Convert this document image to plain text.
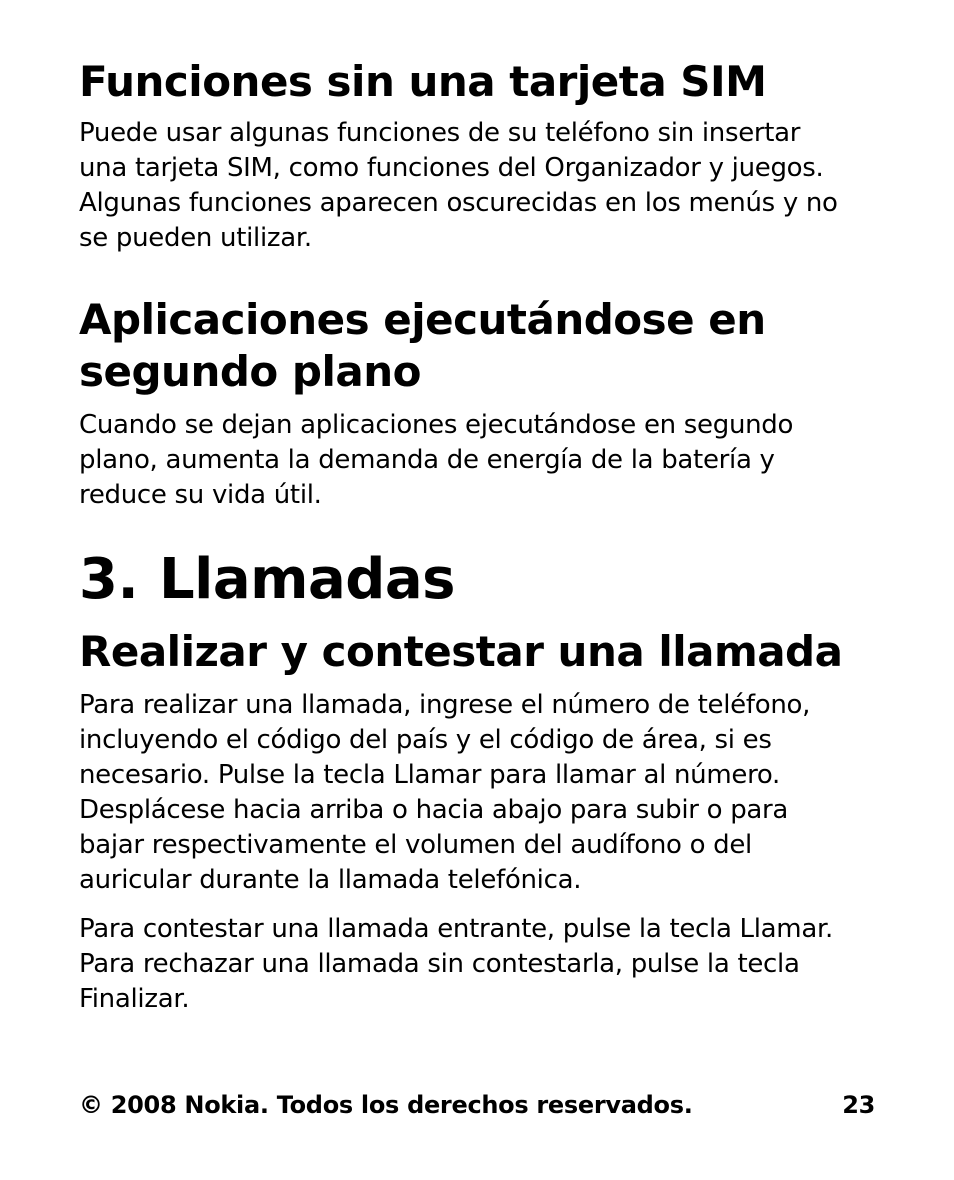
Funciones sin una tarjeta SIM

Puede usar algunas funciones de su teléfono sin insertar
una tarjeta SIM, como funciones del Organizador y juegos.
Algunas funciones aparecen oscurecidas en los menús y no
se pueden utilizar.

Aplicaciones ejecutándose en
segundo plano

Cuando se dejan aplicaciones ejecutándose en segundo
plano, aumenta la demanda de energía de la batería y
reduce su vida útil.

3. Llamadas
Realizar y contestar una llamada

Para realizar una llamada, ingrese el número de teléfono,
incluyendo el código del país y el código de área, si es
necesario. Pulse la tecla Llamar para llamar al número.
Desplácese hacia arriba o hacia abajo para subir o para
bajar respectivamente el volumen del audífono o del
auricular durante la llamada telefónica.

Para contestar una llamada entrante, pulse la tecla Llamar.
Para rechazar una llamada sin contestarla, pulse la tecla
Finalizar.

© 2008 Nokia. Todos los derechos reservados.	23
